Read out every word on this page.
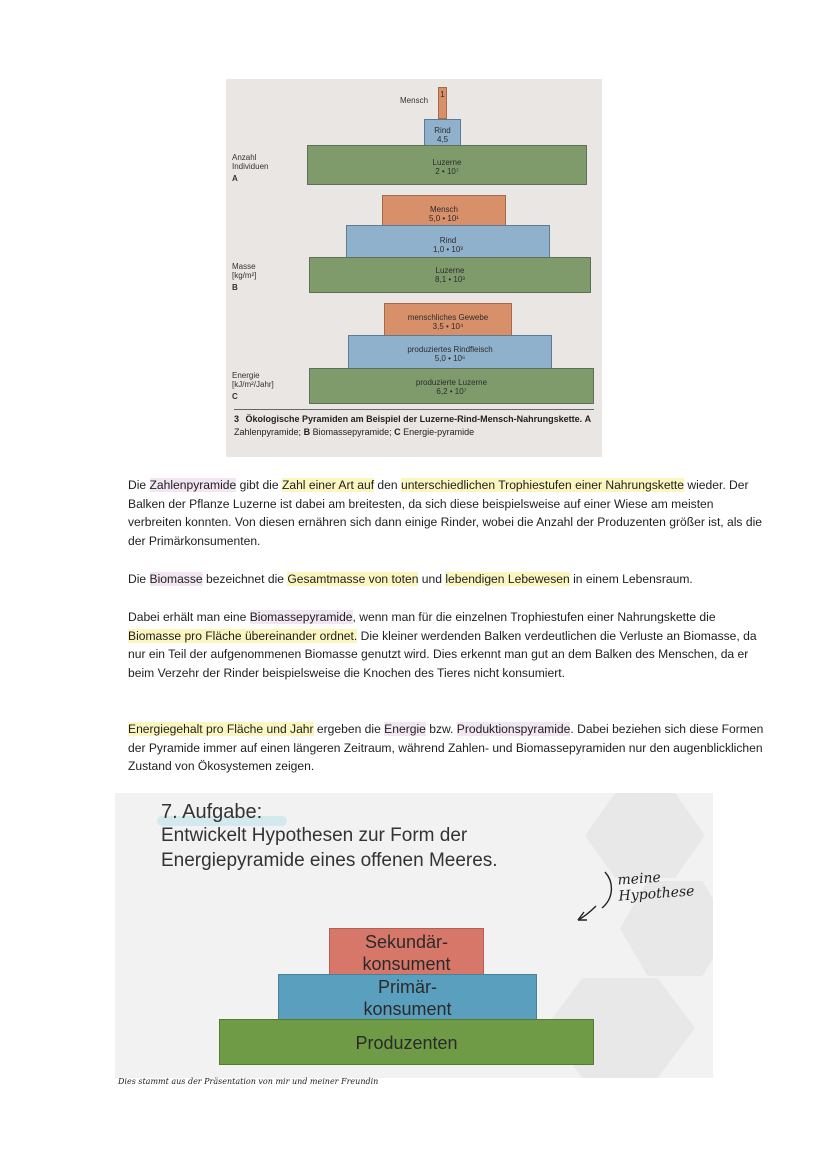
Anzahl
Individuen
A
Mensch
1
Rind
4,5
Luzerne
2 • 10⁷
Masse
[kg/m²]
B
Mensch
5,0 • 10¹
Rind
1,0 • 10³
Luzerne
8,1 • 10³
Energie
[kJ/m²/Jahr]
C
menschliches Gewebe
3,5 • 10⁴
produziertes Rindfleisch
5,0 • 10⁶
produzierte Luzerne
6,2 • 10⁷
3 Ökologische Pyramiden am Beispiel der Luzerne-Rind-Mensch-Nahrungskette. A Zahlenpyramide; B Biomassepyramide; C Energie-pyramide
Die Zahlenpyramide gibt die Zahl einer Art auf den unterschiedlichen Trophiestufen einer Nahrungskette wieder. Der Balken der Pflanze Luzerne ist dabei am breitesten, da sich diese beispielsweise auf einer Wiese am meisten verbreiten konnten. Von diesen ernähren sich dann einige Rinder, wobei die Anzahl der Produzenten größer ist, als die der Primärkonsumenten.
Die Biomasse bezeichnet die Gesamtmasse von toten und lebendigen Lebewesen in einem Lebensraum.
Dabei erhält man eine Biomassepyramide, wenn man für die einzelnen Trophiestufen einer Nahrungskette die Biomasse pro Fläche übereinander ordnet. Die kleiner werdenden Balken verdeutlichen die Verluste an Biomasse, da nur ein Teil der aufgenommenen Biomasse genutzt wird. Dies erkennt man gut an dem Balken des Menschen, da er beim Verzehr der Rinder beispielsweise die Knochen des Tieres nicht konsumiert.
Energiegehalt pro Fläche und Jahr ergeben die Energie bzw. Produktionspyramide. Dabei beziehen sich diese Formen der Pyramide immer auf einen längeren Zeitraum, während Zahlen- und Biomassepyramiden nur den augenblicklichen Zustand von Ökosystemen zeigen.
7. Aufgabe:
Entwickelt Hypothesen zur Form der Energiepyramide eines offenen Meeres.
Sekundär-
konsument
Primär-
konsument
Produzenten
meine
Hypothese
Dies stammt aus der Präsentation von mir und meiner Freundin
